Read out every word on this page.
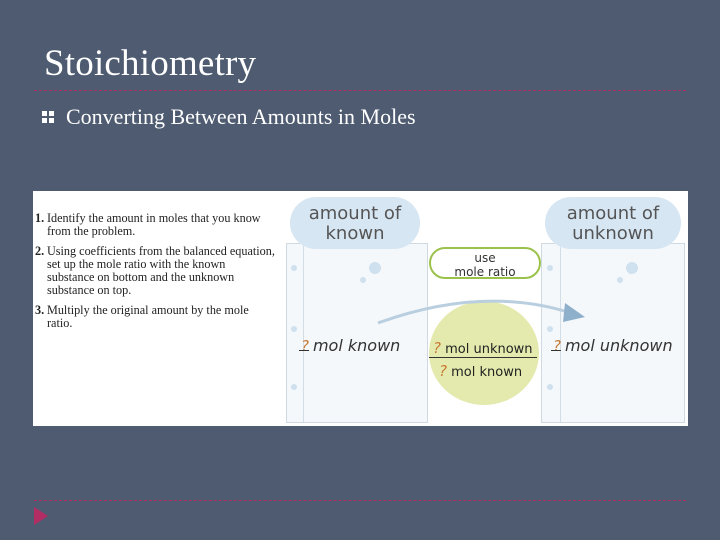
Stoichiometry
Converting Between Amounts in Moles
1. Identify the amount in moles that you know from the problem.
2. Using coefficients from the balanced equation, set up the mole ratio with the known substance on bottom and the unknown substance on top.
3. Multiply the original amount by the mole ratio.
amount of
known
amount of
unknown
use
mole ratio
? mol known ? mol unknown
? mol known
? mol unknown
